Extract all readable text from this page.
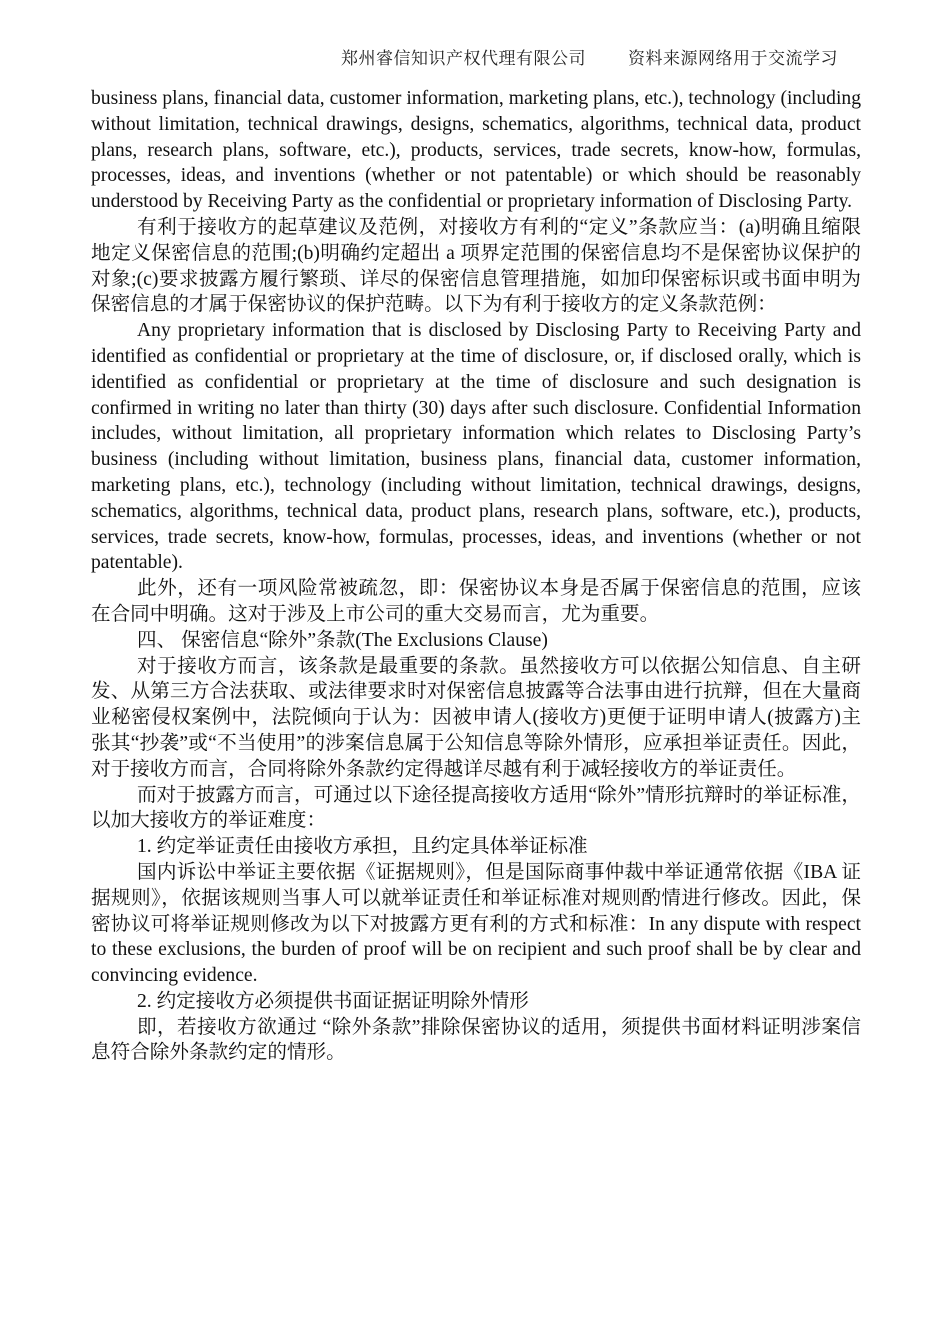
郑州睿信知识产权代理有限公司 资料来源网络用于交流学习

business plans, financial data, customer information, marketing plans, etc.), technology (including without limitation, technical drawings, designs, schematics, algorithms, technical data, product plans, research plans, software, etc.), products, services, trade secrets, know-how, formulas, processes, ideas, and inventions (whether or not patentable) or which should be reasonably understood by Receiving Party as the confidential or proprietary information of Disclosing Party.

有利于接收方的起草建议及范例，对接收方有利的“定义”条款应当：(a)明确且缩限地定义保密信息的范围;(b)明确约定超出 a 项界定范围的保密信息均不是保密协议保护的对象;(c)要求披露方履行繁琐、详尽的保密信息管理措施，如加印保密标识或书面申明为保密信息的才属于保密协议的保护范畴。以下为有利于接收方的定义条款范例：

Any proprietary information that is disclosed by Disclosing Party to Receiving Party and identified as confidential or proprietary at the time of disclosure, or, if disclosed orally, which is identified as confidential or proprietary at the time of disclosure and such designation is confirmed in writing no later than thirty (30) days after such disclosure. Confidential Information includes, without limitation, all proprietary information which relates to Disclosing Party’s business (including without limitation, business plans, financial data, customer information, marketing plans, etc.), technology (including without limitation, technical drawings, designs, schematics, algorithms, technical data, product plans, research plans, software, etc.), products, services, trade secrets, know-how, formulas, processes, ideas, and inventions (whether or not patentable).

此外，还有一项风险常被疏忽，即：保密协议本身是否属于保密信息的范围，应该在合同中明确。这对于涉及上市公司的重大交易而言，尤为重要。

四、 保密信息“除外”条款(The Exclusions Clause)

对于接收方而言，该条款是最重要的条款。虽然接收方可以依据公知信息、自主研发、从第三方合法获取、或法律要求时对保密信息披露等合法事由进行抗辩，但在大量商业秘密侵权案例中，法院倾向于认为：因被申请人(接收方)更便于证明申请人(披露方)主张其“抄袭”或“不当使用”的涉案信息属于公知信息等除外情形，应承担举证责任。因此，对于接收方而言，合同将除外条款约定得越详尽越有利于减轻接收方的举证责任。

而对于披露方而言，可通过以下途径提高接收方适用“除外”情形抗辩时的举证标准，以加大接收方的举证难度：

1. 约定举证责任由接收方承担，且约定具体举证标准

国内诉讼中举证主要依据《证据规则》，但是国际商事仲裁中举证通常依据《IBA 证据规则》，依据该规则当事人可以就举证责任和举证标准对规则酌情进行修改。因此，保密协议可将举证规则修改为以下对披露方更有利的方式和标准：In any dispute with respect to these exclusions, the burden of proof will be on recipient and such proof shall be by clear and convincing evidence.

2. 约定接收方必须提供书面证据证明除外情形

即，若接收方欲通过 “除外条款”排除保密协议的适用，须提供书面材料证明涉案信息符合除外条款约定的情形。
